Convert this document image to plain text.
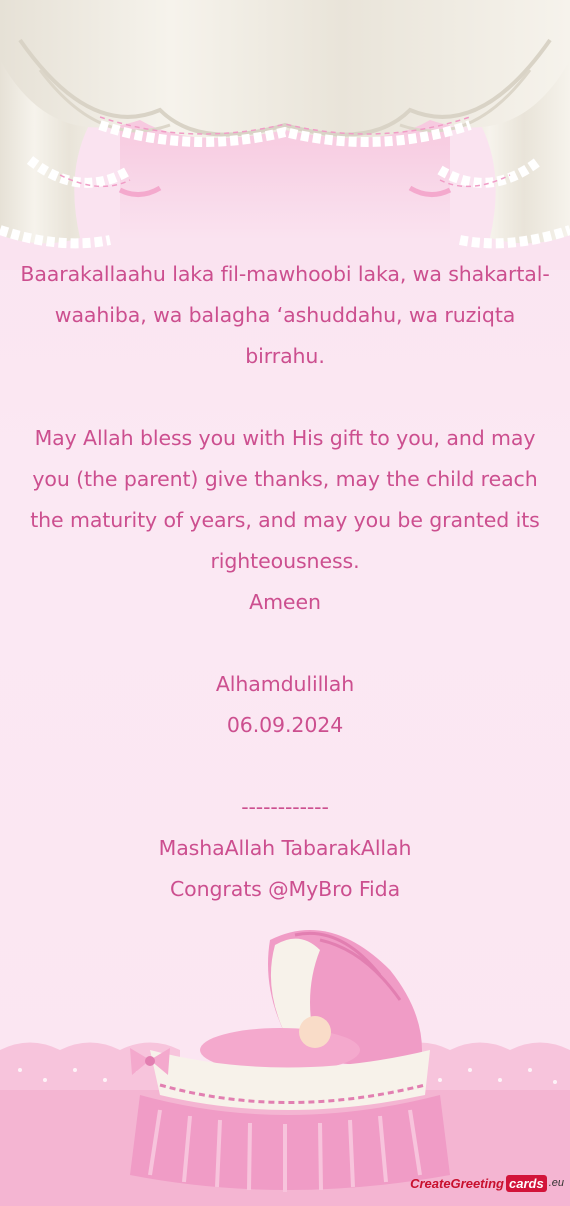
Baarakallaahu laka fil-mawhoobi laka, wa shakartal-waahiba, wa balagha ‘ashuddahu, wa ruziqta birrahu.

May Allah bless you with His gift to you, and may you (the parent) give thanks, may the child reach the maturity of years, and may you be granted its righteousness.

Ameen

Alhamdulillah

06.09.2024

------------

MashaAllah TabarakAllah

Congrats @MyBro Fida

CreateGreeting cards .eu
